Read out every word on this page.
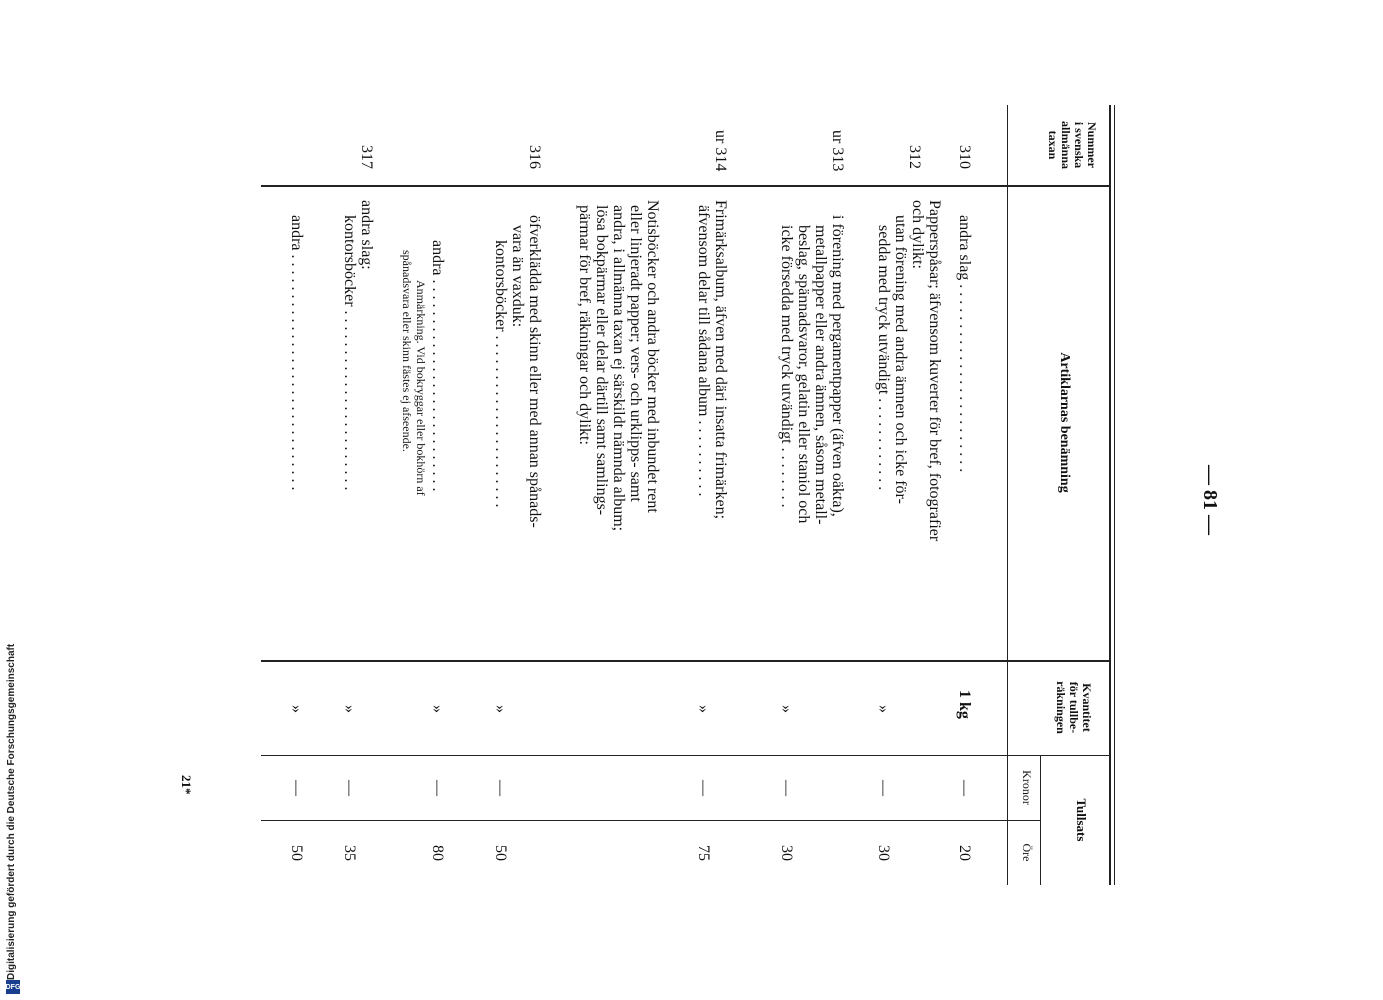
— 81 —
Nummer
i svenska
allmänna
taxan
Artiklarnas benämning
Kvantitet
för tullbe-
räkningen
Tullsats
Kronor
Öre
310
andra slag . . . . . . . . . . . . . . . . . . . . . . . .
1 kg
—
20
312
Papperspåsar; äfvensom kuverter för bref, fotografier
och dylikt:
utan förening med andra ämnen och icke för-
sedda med tryck utvändigt . . . . . . . . . . . .
»
—
30
ur 313
i förening med pergamentpapper (äfven oäkta),
metallpapper eller andra ämnen, såsom metall-
beslag, spännadsvaror, gelatin eller staniol och
icke försedda med tryck utvändigt . . . . . . . .
»
—
30
ur 314
Frimärksalbum, äfven med däri insatta frimärken;
äfvensom delar till sådana album . . . . . . . . . .
»
—
75
316
Notisböcker och andra böcker med inbundet rent
eller linjeradt papper; vers- och urklipps- samt
andra, i allmänna taxan ej särskildt nämnda album;
lösa bokpärmar eller delar därtill samt samlings-
pärmar för bref, räkningar och dylikt:
öfverklädda med skinn eller med annan spånads-
vara än vaxduk:
kontorsböcker . . . . . . . . . . . . . . . . . . . . . .
»
—
50
andra . . . . . . . . . . . . . . . . . . . . . . . . . . .
Anmärkning. Vid bokryggar eller bokhörn af
spånadsvara eller skinn fästes ej afseende.
»
—
80
317
andra slag:
kontorsböcker . . . . . . . . . . . . . . . . . . . . . . .
»
—
35
andra . . . . . . . . . . . . . . . . . . . . . . . . . . . . . .
»
—
50
21*
Digitalisierung gefördert durch die Deutsche Forschungsgemeinschaft
DFG
